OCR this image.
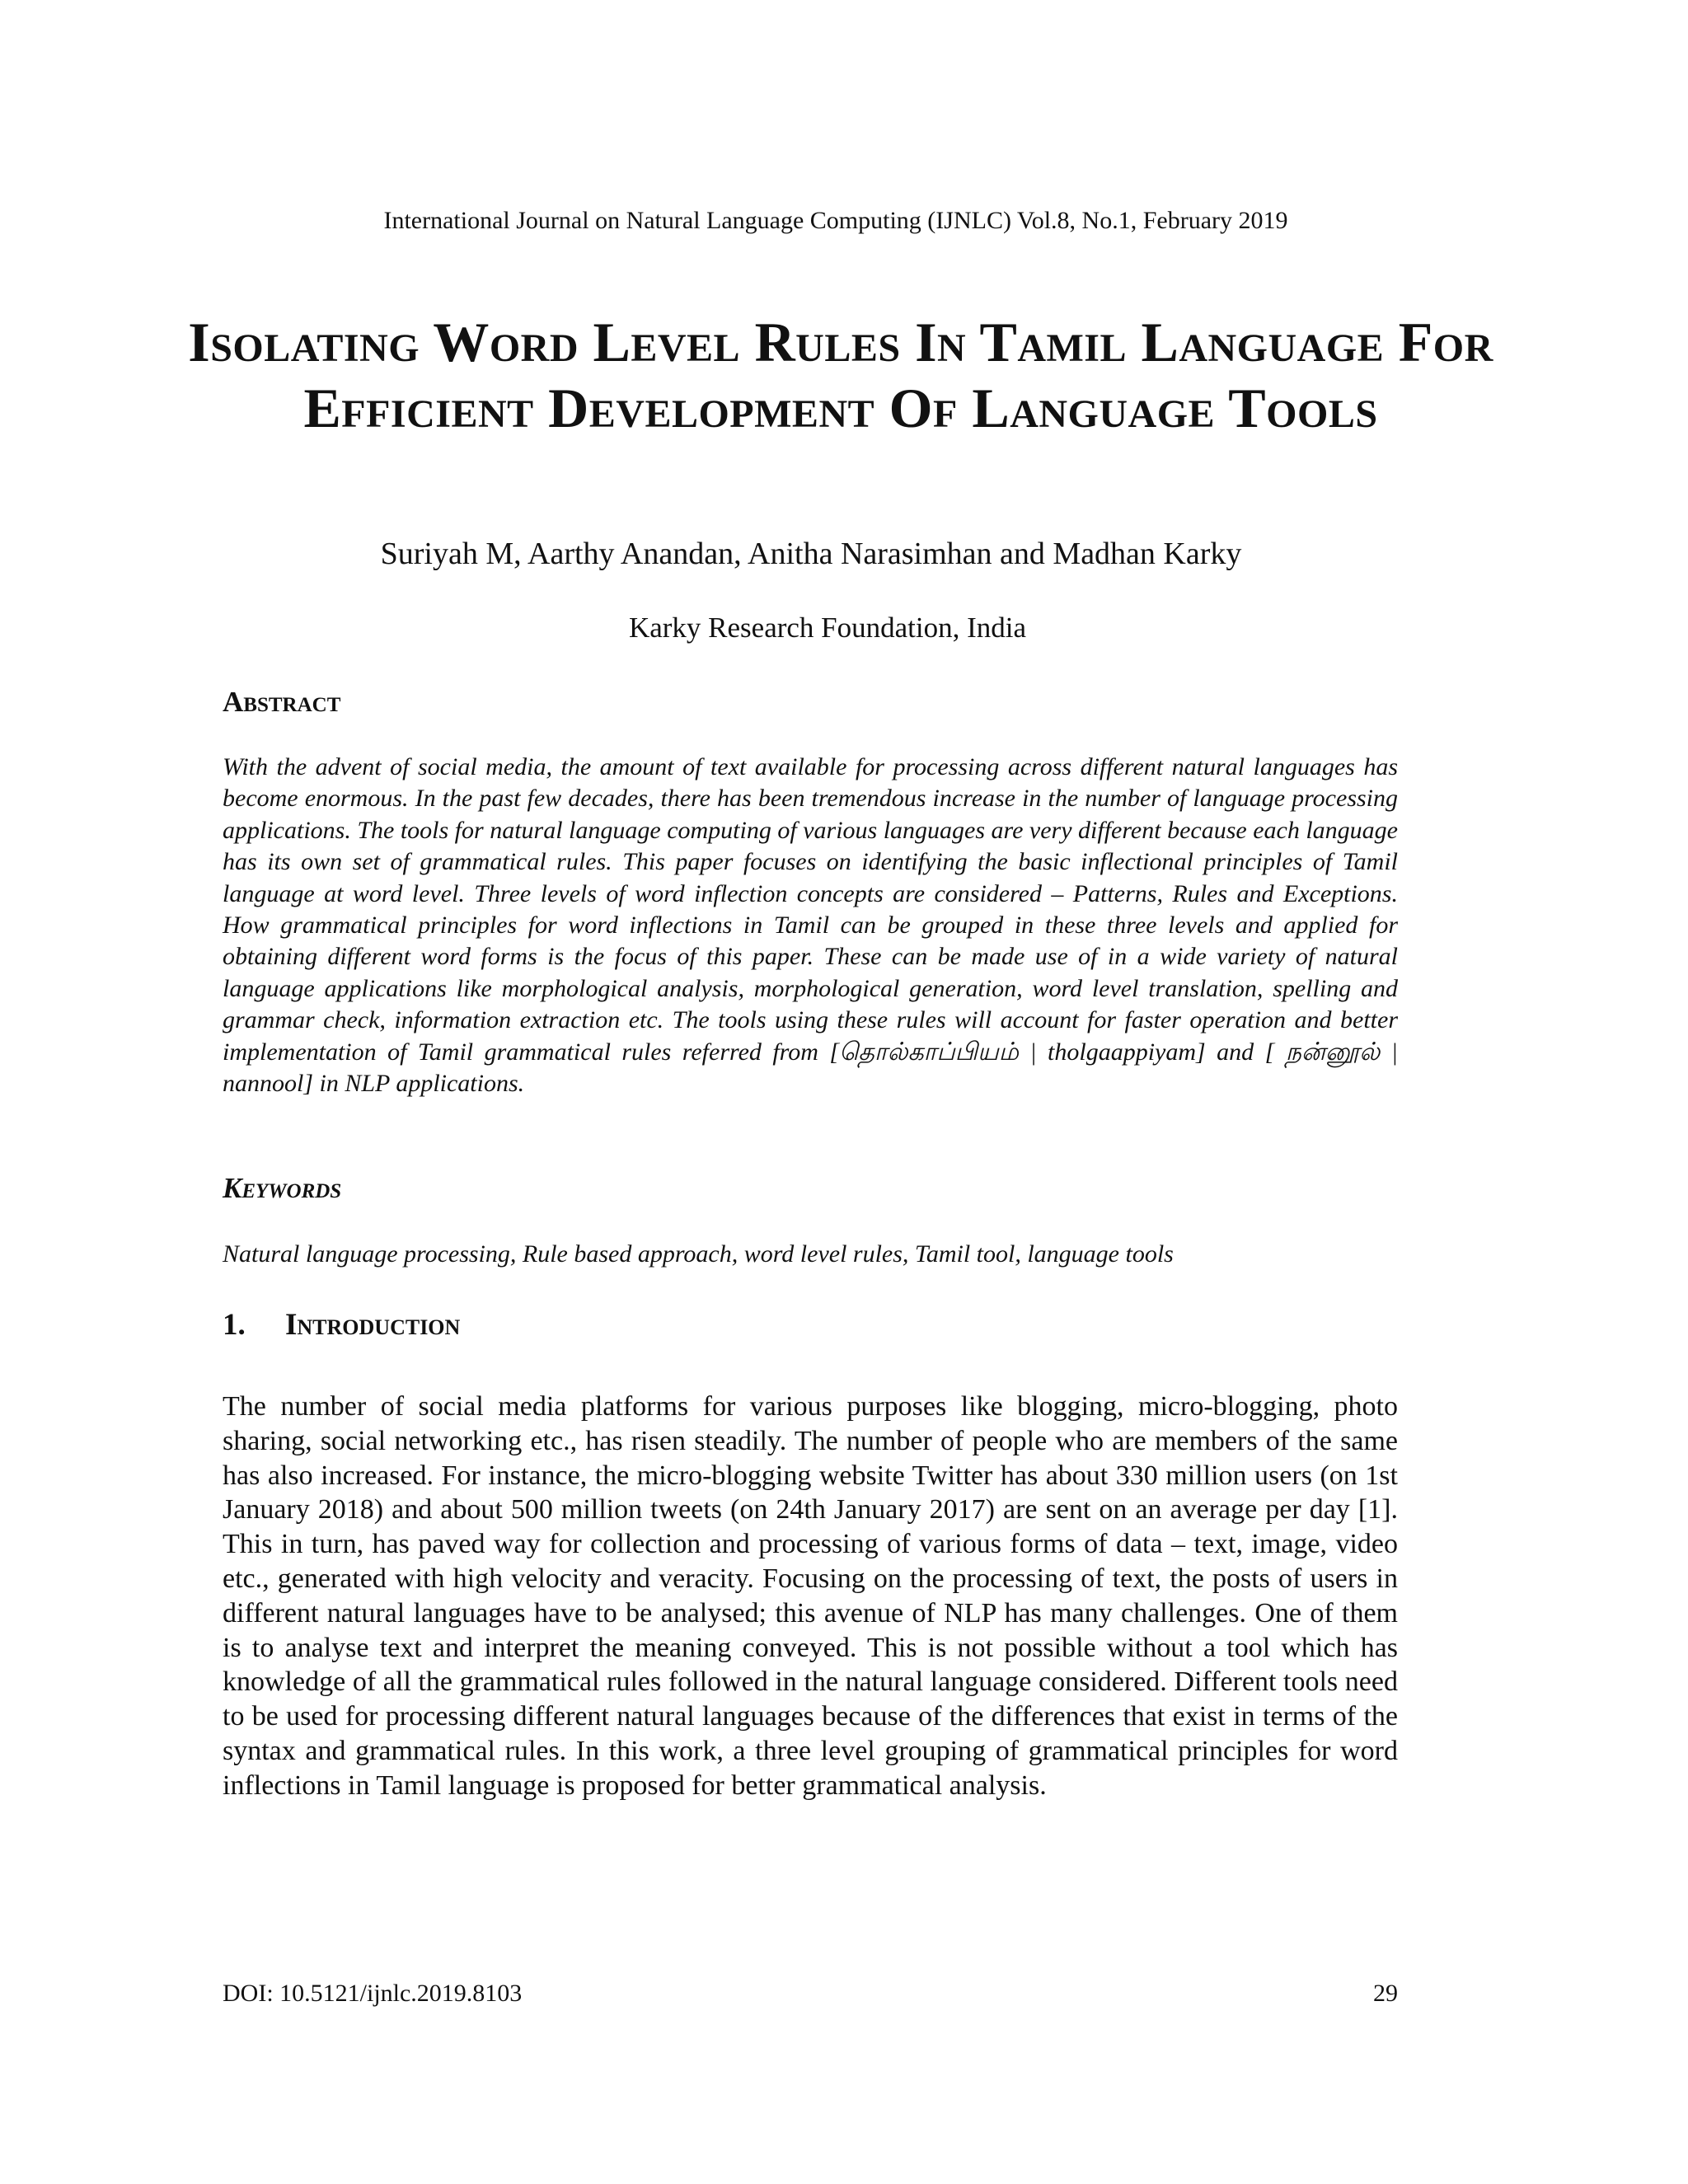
International Journal on Natural Language Computing (IJNLC) Vol.8, No.1, February 2019
Isolating Word Level Rules In Tamil Language For Efficient Development Of Language Tools
Suriyah M, Aarthy Anandan, Anitha Narasimhan and Madhan Karky
Karky Research Foundation, India
Abstract

With the advent of social media, the amount of text available for processing across different natural languages has become enormous. In the past few decades, there has been tremendous increase in the number of language processing applications. The tools for natural language computing of various languages are very different because each language has its own set of grammatical rules. This paper focuses on identifying the basic inflectional principles of Tamil language at word level. Three levels of word inflection concepts are considered – Patterns, Rules and Exceptions. How grammatical principles for word inflections in Tamil can be grouped in these three levels and applied for obtaining different word forms is the focus of this paper. These can be made use of in a wide variety of natural language applications like morphological analysis, morphological generation, word level translation, spelling and grammar check, information extraction etc. The tools using these rules will account for faster operation and better implementation of Tamil grammatical rules referred from [தொல்காப்பியம் | tholgaappiyam] and [ நன்னூல் | nannool] in NLP applications.

Keywords

Natural language processing, Rule based approach, word level rules, Tamil tool, language tools

1. Introduction

The number of social media platforms for various purposes like blogging, micro-blogging, photo sharing, social networking etc., has risen steadily. The number of people who are members of the same has also increased. For instance, the micro-blogging website Twitter has about 330 million users (on 1st January 2018) and about 500 million tweets (on 24th January 2017) are sent on an average per day [1]. This in turn, has paved way for collection and processing of various forms of data – text, image, video etc., generated with high velocity and veracity. Focusing on the processing of text, the posts of users in different natural languages have to be analysed; this avenue of NLP has many challenges. One of them is to analyse text and interpret the meaning conveyed. This is not possible without a tool which has knowledge of all the grammatical rules followed in the natural language considered. Different tools need to be used for processing different natural languages because of the differences that exist in terms of the syntax and grammatical rules. In this work, a three level grouping of grammatical principles for word inflections in Tamil language is proposed for better grammatical analysis.

DOI: 10.5121/ijnlc.2019.8103	29
